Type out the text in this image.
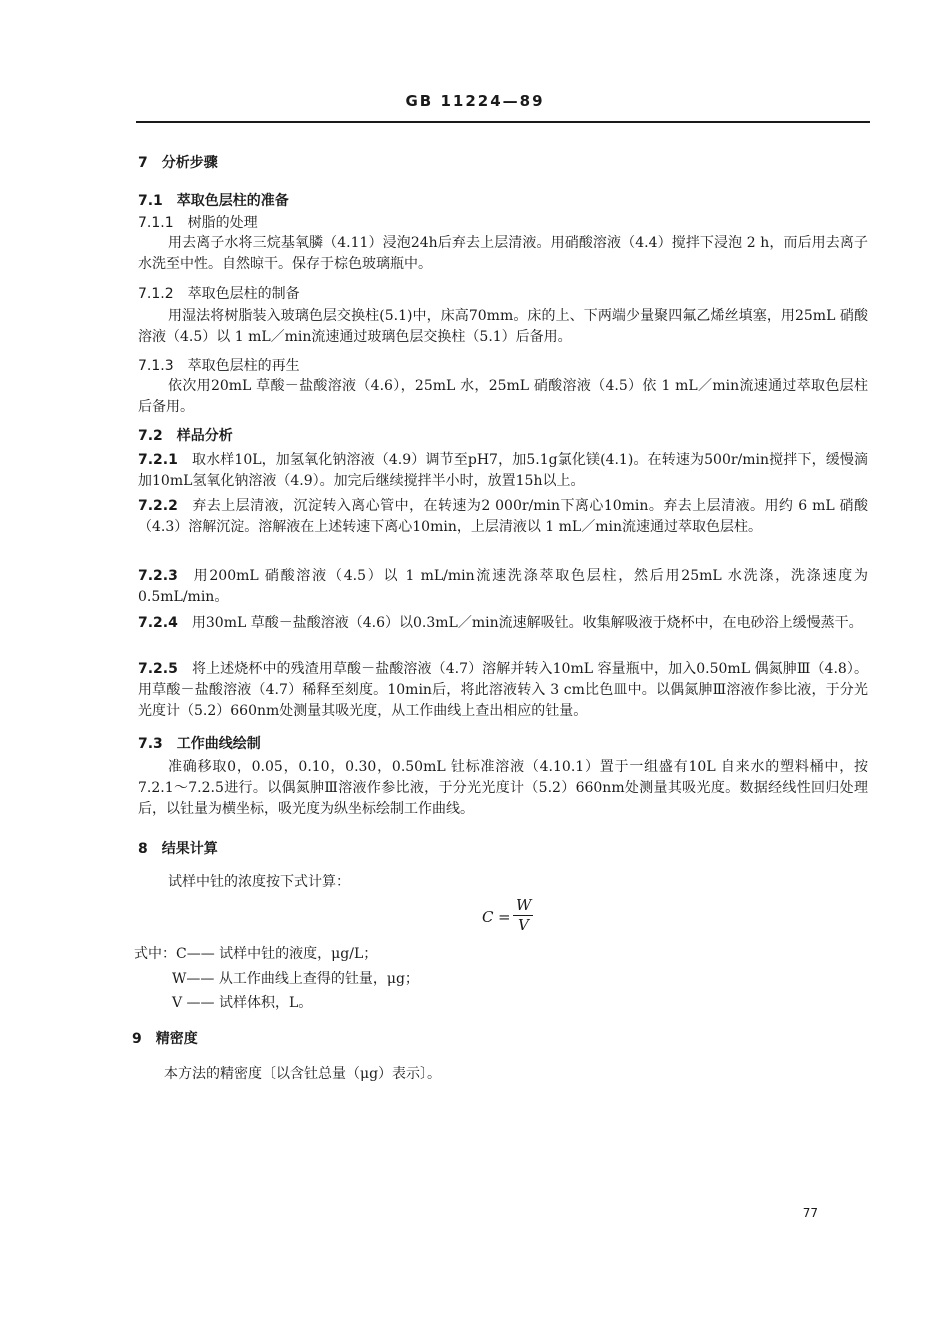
GB 11224—89
7　分析步骤
7.1　萃取色层柱的准备
7.1.1　树脂的处理
用去离子水将三烷基氧膦（4.11）浸泡24h后弃去上层清液。用硝酸溶液（4.4）搅拌下浸泡 2 h，而后用去离子水洗至中性。自然晾干。保存于棕色玻璃瓶中。
7.1.2　萃取色层柱的制备
用湿法将树脂装入玻璃色层交换柱(5.1)中，床高70mm。床的上、下两端少量聚四氟乙烯丝填塞，用25mL 硝酸溶液（4.5）以 1 mL／min流速通过玻璃色层交换柱（5.1）后备用。
7.1.3　萃取色层柱的再生
依次用20mL 草酸－盐酸溶液（4.6），25mL 水，25mL 硝酸溶液（4.5）依 1 mL／min流速通过萃取色层柱后备用。
7.2　样品分析
7.2.1 取水样10L，加氢氧化钠溶液（4.9）调节至pH7，加5.1g氯化镁(4.1)。在转速为500r/min搅拌下，缓慢滴加10mL氢氧化钠溶液（4.9）。加完后继续搅拌半小时，放置15h以上。
7.2.2 弃去上层清液，沉淀转入离心管中，在转速为2 000r/min下离心10min。弃去上层清液。用约 6 mL 硝酸（4.3）溶解沉淀。溶解液在上述转速下离心10min，上层清液以 1 mL／min流速通过萃取色层柱。
7.2.3 用200mL 硝酸溶液（4.5）以 1 mL/min流速洗涤萃取色层柱，然后用25mL 水洗涤，洗涤速度为0.5mL/min。
7.2.4 用30mL 草酸－盐酸溶液（4.6）以0.3mL／min流速解吸钍。收集解吸液于烧杯中，在电砂浴上缓慢蒸干。
7.2.5 将上述烧杯中的残渣用草酸－盐酸溶液（4.7）溶解并转入10mL 容量瓶中，加入0.50mL 偶氮胂Ⅲ（4.8）。用草酸－盐酸溶液（4.7）稀释至刻度。10min后，将此溶液转入 3 cm比色皿中。以偶氮胂Ⅲ溶液作参比液，于分光光度计（5.2）660nm处测量其吸光度，从工作曲线上查出相应的钍量。
7.3　工作曲线绘制
准确移取0，0.05，0.10，0.30，0.50mL 钍标准溶液（4.10.1）置于一组盛有10L 自来水的塑料桶中，按7.2.1～7.2.5进行。以偶氮胂Ⅲ溶液作参比液，于分光光度计（5.2）660nm处测量其吸光度。数据经线性回归处理后，以钍量为横坐标，吸光度为纵坐标绘制工作曲线。
8　结果计算
试样中钍的浓度按下式计算：
C =
W
V
式中：C—— 试样中钍的液度，μg/L；
W—— 从工作曲线上查得的钍量，μg；
V —— 试样体积，L。
9　精密度
本方法的精密度〔以含钍总量（μg）表示〕。
77
